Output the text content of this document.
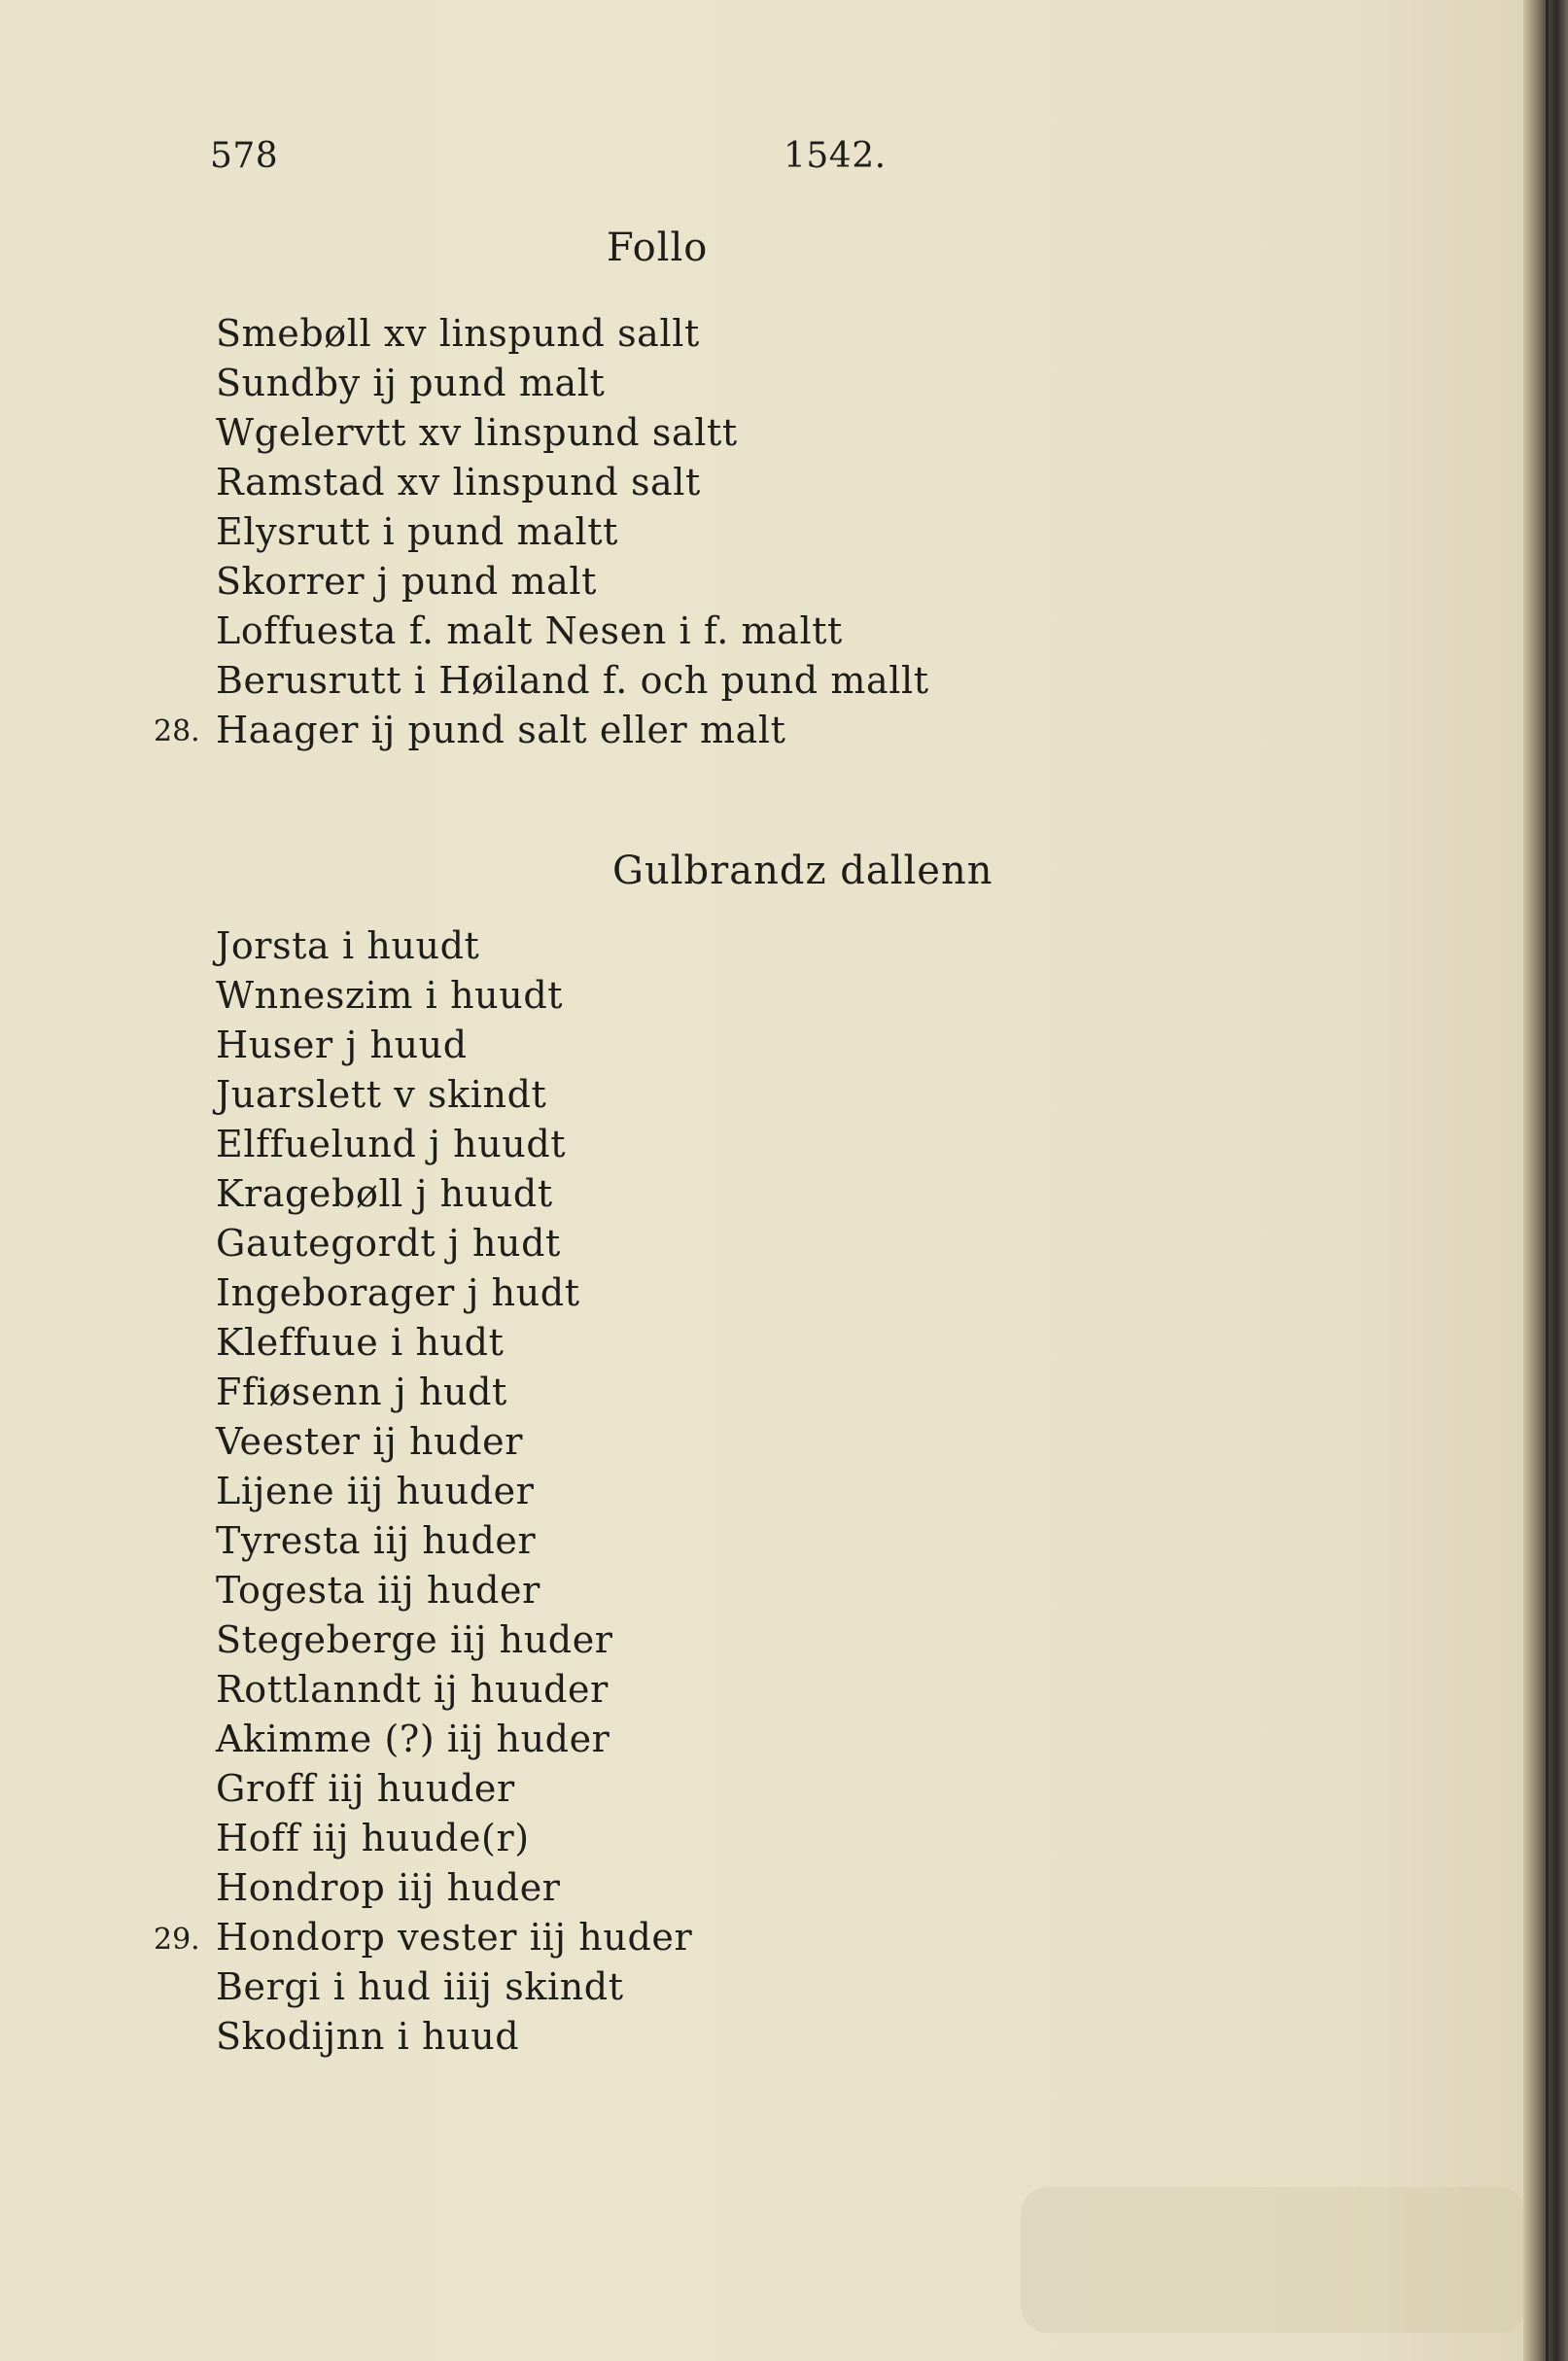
578	1542.
Follo
Smebøll xv linspund sallt
Sundby ij pund malt
Wgelervtt xv linspund saltt
Ramstad xv linspund salt
Elysrutt i pund maltt
Skorrer j pund malt
Loffuesta f. malt Nesen i f. maltt
Berusrutt i Høiland f. och pund mallt
Haager ij pund salt eller malt
28.
Gulbrandz dallenn
Jorsta i huudt
Wnneszim i huudt
Huser j huud
Juarslett v skindt
Elffuelund j huudt
Kragebøll j huudt
Gautegordt j hudt
Ingeborager j hudt
Kleffuue i hudt
Ffiøsenn j hudt
Veester ij huder
Lijene iij huuder
Tyresta iij huder
Togesta iij huder
Stegeberge iij huder
Rottlanndt ij huuder
Akimme (?) iij huder
Groff iij huuder
Hoff iij huude(r)
Hondrop iij huder
Hondorp vester iij huder
Bergi i hud iiij skindt
Skodijnn i huud
29.
